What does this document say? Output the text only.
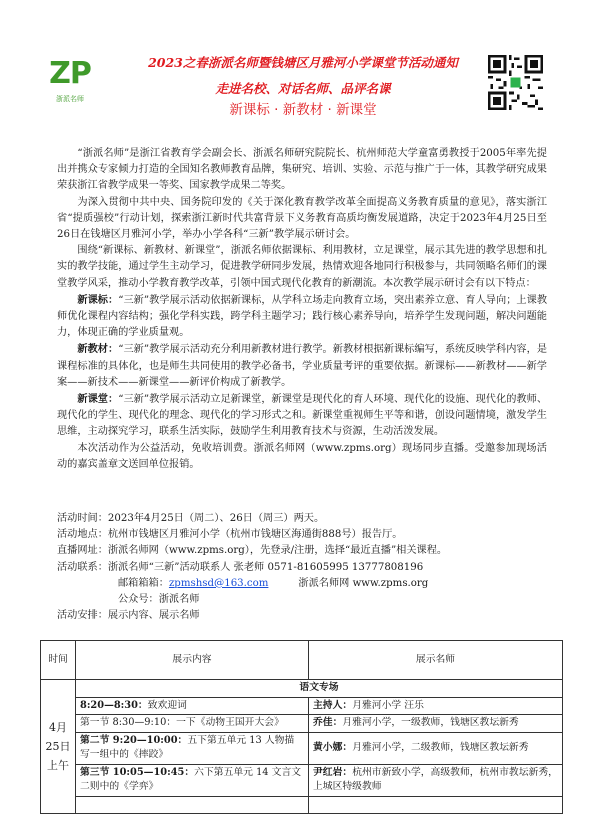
ZP
浙派名师
2023之春浙派名师暨钱塘区月雅河小学课堂节活动通知
走进名校、对话名师、品评名课
新课标 · 新教材 · 新课堂

“浙派名师”是浙江省教育学会副会长、浙派名师研究院院长、杭州师范大学童富勇教授于2005年率先提出并携众专家倾力打造的全国知名教师教育品牌，集研究、培训、实验、示范与推广于一体，其教学研究成果荣获浙江省教学成果一等奖、国家教学成果二等奖。

为深入贯彻中共中央、国务院印发的《关于深化教育教学改革全面提高义务教育质量的意见》，落实浙江省“提质强校”行动计划，探索浙江新时代共富背景下义务教育高质均衡发展道路，决定于2023年4月25日至26日在钱塘区月雅河小学，举办小学各科“三新”教学展示研讨会。

围绕“新课标、新教材、新课堂”，浙派名师依据课标、利用教材，立足课堂，展示其先进的教学思想和扎实的教学技能，通过学生主动学习，促进教学研同步发展，热情欢迎各地同行积极参与，共同领略名师们的课堂教学风采，推动小学教育教学改革，引领中国式现代化教育的新潮流。本次教学展示研讨会有以下特点：

新课标：“三新”教学展示活动依据新课标，从学科立场走向教育立场，突出素养立意、育人导向；上课教师优化课程内容结构；强化学科实践，跨学科主题学习；践行核心素养导向，培养学生发现问题，解决问题能力，体现正确的学业质量观。

新教材：“三新”教学展示活动充分利用新教材进行教学。新教材根据新课标编写，系统反映学科内容，是课程标准的具体化，也是师生共同使用的教学必备书，学业质量考评的重要依据。新课标——新教材——新学案——新技术——新课堂——新评价构成了新教学。

新课堂：“三新”教学展示活动立足新课堂，新课堂是现代化的育人环境、现代化的设施、现代化的教师、现代化的学生、现代化的理念、现代化的学习形式之和。新课堂重视师生平等和谐，创设问题情境，激发学生思维，主动探究学习，联系生活实际，鼓励学生利用教育技术与资源，生动活泼发展。

本次活动作为公益活动，免收培训费。浙派名师网（www.zpms.org）现场同步直播。受邀参加现场活动的嘉宾盖章文送回单位报销。

活动时间：2023年4月25日（周二）、26日（周三）两天。
活动地点：杭州市钱塘区月雅河小学（杭州市钱塘区海通街888号）报告厅。
直播网址：浙派名师网（www.zpms.org），先登录/注册，选择“最近直播”相关课程。
活动联系：浙派名师“三新”活动联系人 张老师 0571-81605995 13777808196
邮箱箱箱：zpmshsd@163.com	浙派名师网 www.zpms.org
公众号：浙派名师
活动安排：展示内容、展示名师
时间	展示内容	展示名师
4月25日上午	语文专场	
	8:20—8:30：致欢迎词	主持人：月雅河小学 汪乐
	第一节 8:30—9:10：一下《动物王国开大会》	乔佳：月雅河小学，一级教师，钱塘区教坛新秀
	第二节 9:20—10:00：五下第五单元 13 人物描写一组中的《摔跤》	黄小娜：月雅河小学，二级教师，钱塘区教坛新秀
	第三节 10:05—10:45：六下第五单元 14 文言文二则中的《学弈》	尹红岩：杭州市新致小学，高级教师，杭州市教坛新秀，上城区特级教师
